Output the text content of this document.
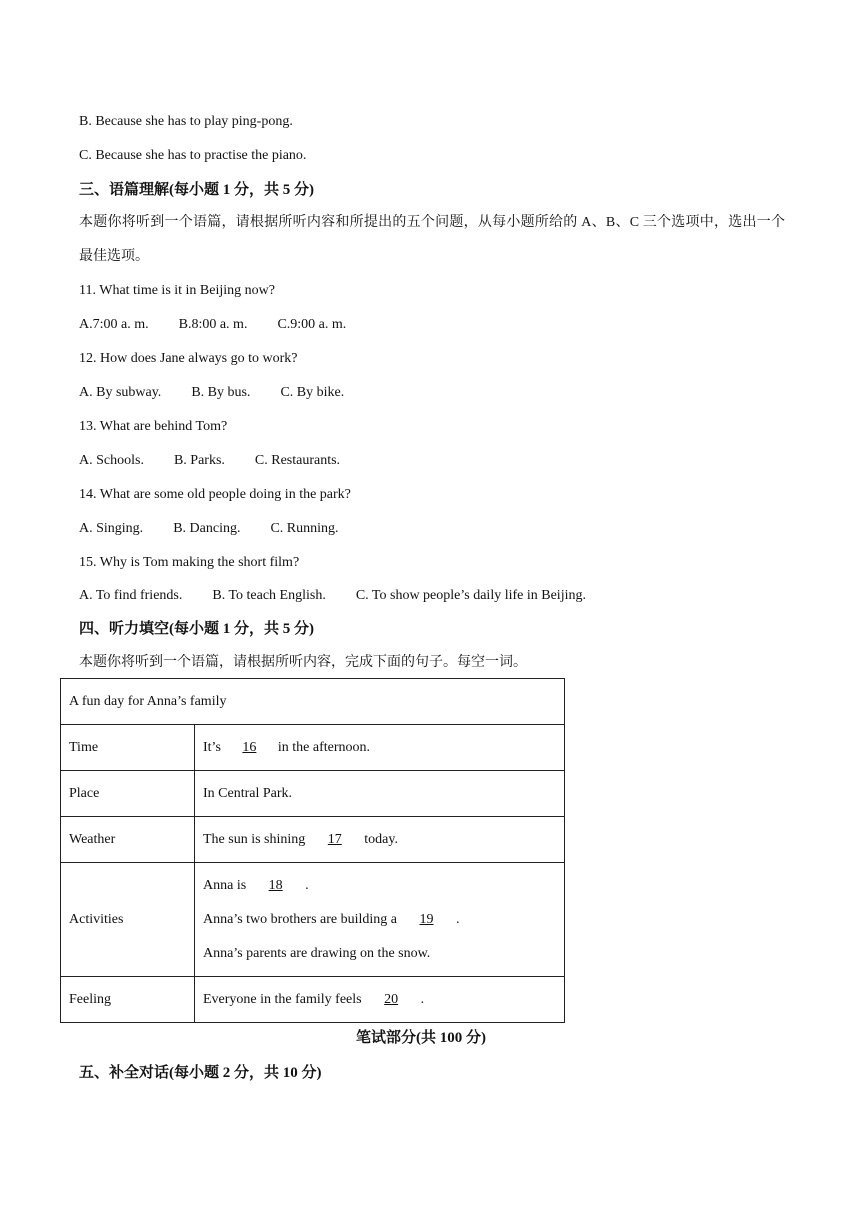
B. Because she has to play ping-pong.
C. Because she has to practise the piano.
三、语篇理解(每小题 1 分，共 5 分)
本题你将听到一个语篇，请根据所听内容和所提出的五个问题，从每小题所给的 A、B、C 三个选项中，选出一个最佳选项。
11. What time is it in Beijing now?
A.7:00 a. m. B.8:00 a. m. C.9:00 a. m.
12. How does Jane always go to work?
A. By subway. B. By bus. C. By bike.
13. What are behind Tom?
A. Schools. B. Parks. C. Restaurants.
14. What are some old people doing in the park?
A. Singing. B. Dancing. C. Running.
15. Why is Tom making the short film?
A. To find friends. B. To teach English. C. To show people’s daily life in Beijing.
四、听力填空(每小题 1 分，共 5 分)
本题你将听到一个语篇，请根据所听内容，完成下面的句子。每空一词。
A fun day for Anna’s family	
Time	It’s 16 in the afternoon.
Place	In Central Park.
Weather	The sun is shining 17 today.
Activities	Anna is 18 .
Anna’s two brothers are building a 19 .
Anna’s parents are drawing on the snow.

Feeling	Everyone in the family feels 20 .
笔试部分(共 100 分)
五、补全对话(每小题 2 分，共 10 分)
